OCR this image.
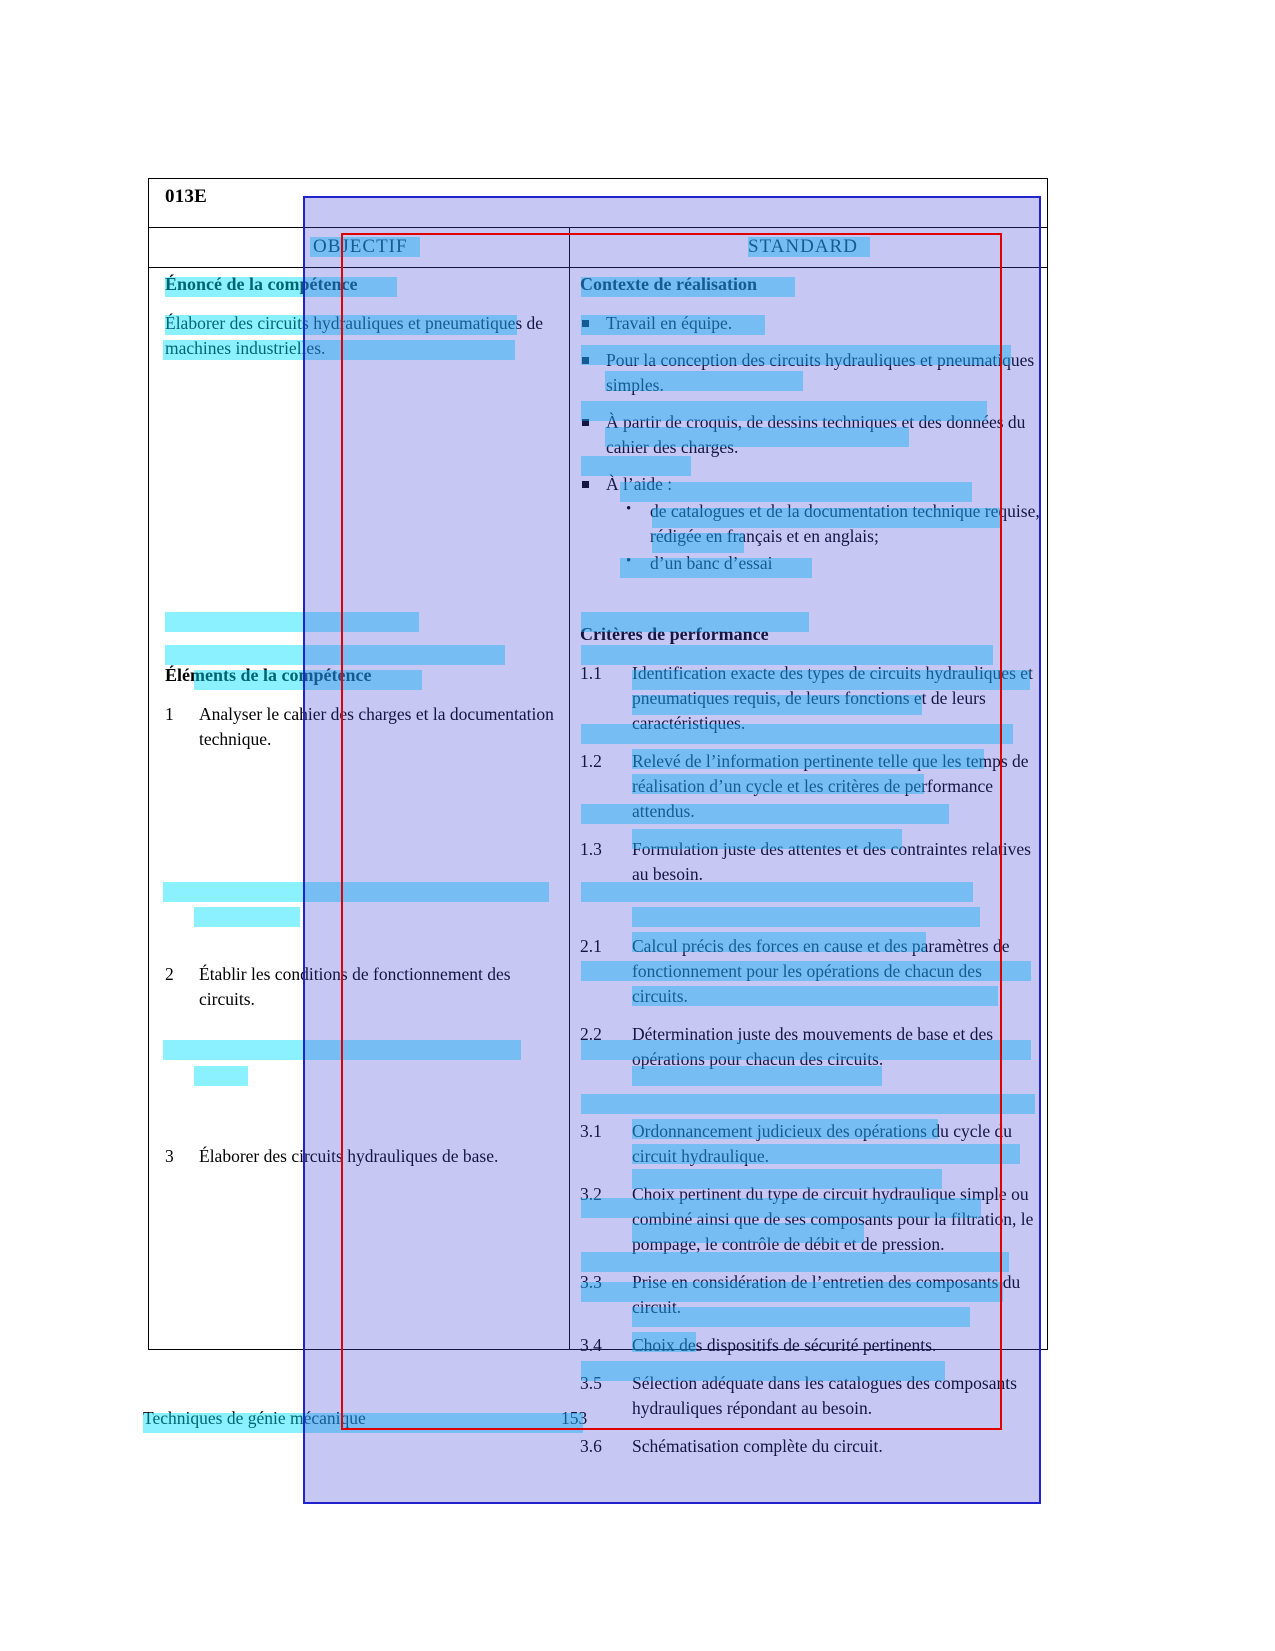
013E
OBJECTIF	STANDARD
Énoncé de la compétence
Élaborer des circuits hydrauliques et pneumatiques de machines industrielles.
Éléments de la compétence
1	Analyser le cahier des charges et la documentation technique.
2	Établir les conditions de fonctionnement des circuits.
3	Élaborer des circuits hydrauliques de base.
Contexte de réalisation
Travail en équipe.
Pour la conception des circuits hydrauliques et pneumatiques simples.
À partir de croquis, de dessins techniques et des données du cahier des charges.
À l’aide :
• de catalogues et de la documentation technique requise, rédigée en français et en anglais;
• d’un banc d’essai
Critères de performance
1.1	Identification exacte des types de circuits hydrauliques et pneumatiques requis, de leurs fonctions et de leurs caractéristiques.
1.2	Relevé de l’information pertinente telle que les temps de réalisation d’un cycle et les critères de performance attendus.
1.3	Formulation juste des attentes et des contraintes relatives au besoin.
2.1	Calcul précis des forces en cause et des paramètres de fonctionnement pour les opérations de chacun des circuits.
2.2	Détermination juste des mouvements de base et des opérations pour chacun des circuits.
3.1	Ordonnancement judicieux des opérations du cycle du circuit hydraulique.
3.2	Choix pertinent du type de circuit hydraulique simple ou combiné ainsi que de ses composants pour la filtration, le pompage, le contrôle de débit et de pression.
3.3	Prise en considération de l’entretien des composants du circuit.
3.4	Choix des dispositifs de sécurité pertinents.
3.5	Sélection adéquate dans les catalogues des composants hydrauliques répondant au besoin.
3.6	Schématisation complète du circuit.
Techniques de génie mécanique	153
